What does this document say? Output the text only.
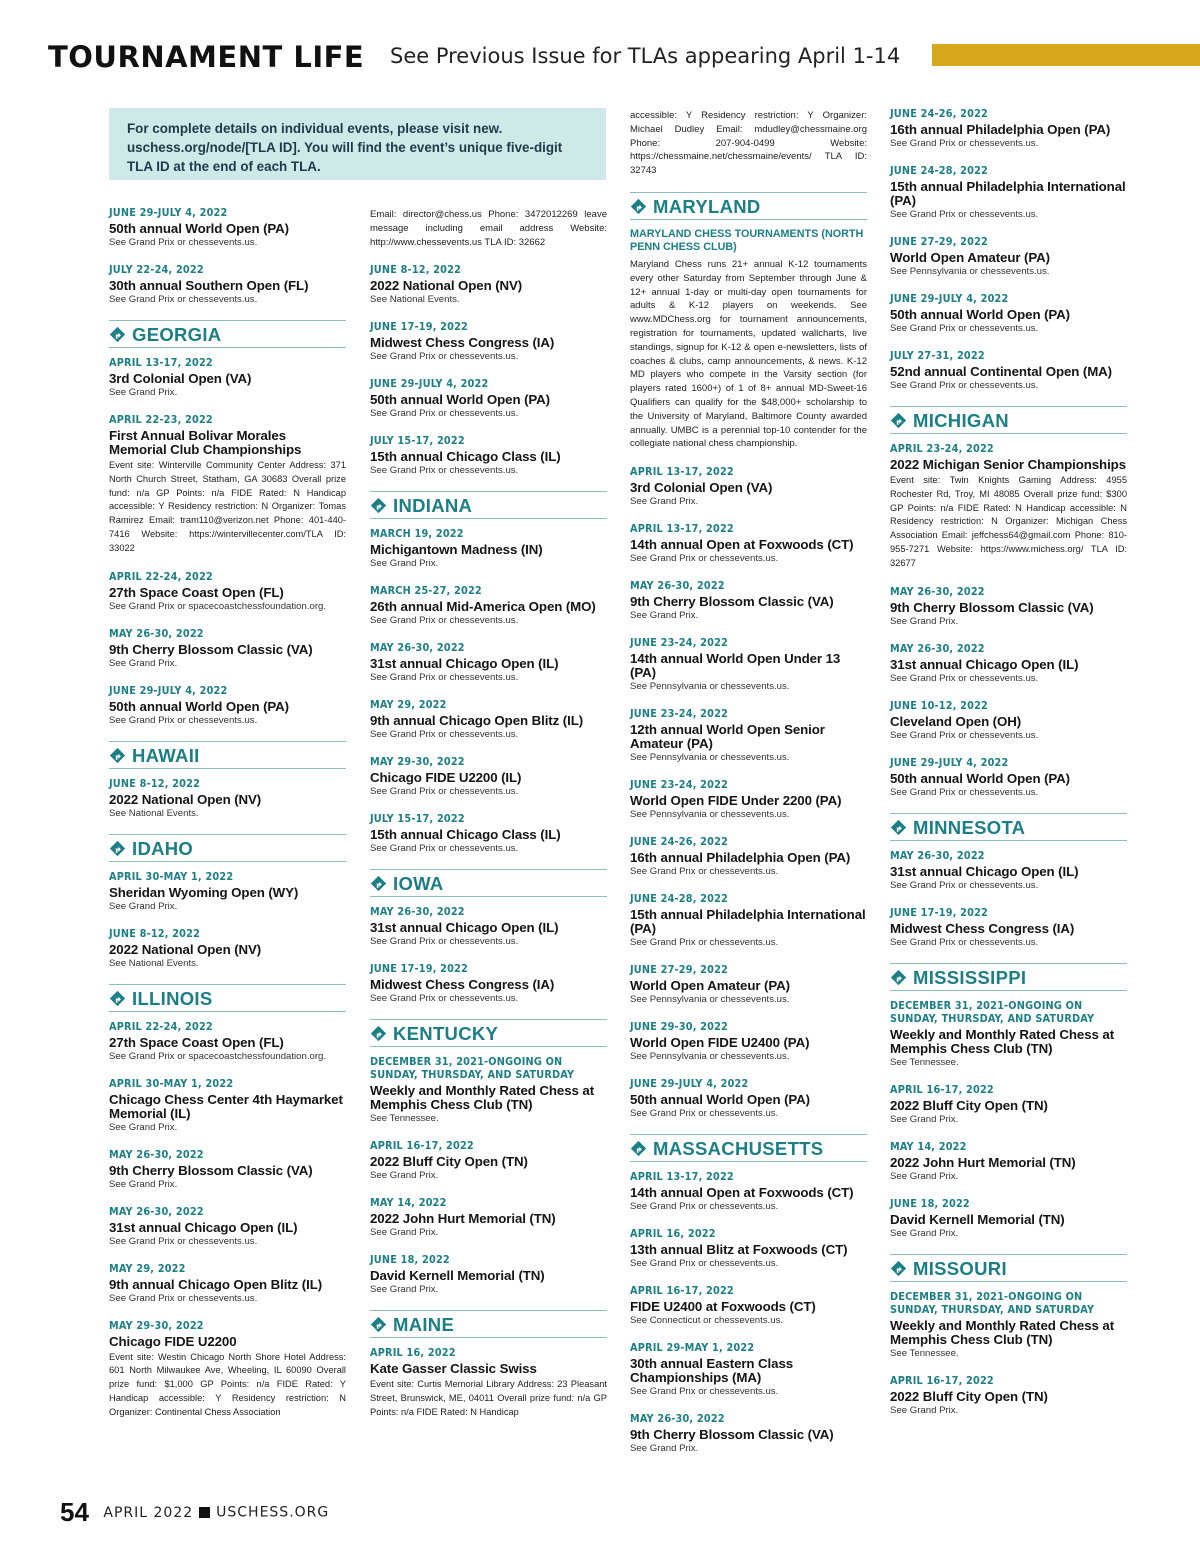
TOURNAMENT LIFE See Previous Issue for TLAs appearing April 1-14
For complete details on individual events, please visit new. uschess.org/node/[TLA ID]. You will find the event’s unique five-digit TLA ID at the end of each TLA.
JUNE 29-JULY 4, 2022
50th annual World Open (PA)
See Grand Prix or chessevents.us.
JULY 22-24, 2022
30th annual Southern Open (FL)
See Grand Prix or chessevents.us.
GEORGIA
APRIL 13-17, 2022
3rd Colonial Open (VA)
See Grand Prix.
APRIL 22-23, 2022
First Annual Bolivar Morales Memorial Club Championships
Event site: Winterville Community Center Address: 371 North Church Street, Statham, GA 30683 Overall prize fund: n/a GP Points: n/a FIDE Rated: N Handicap accessible: Y Residency restriction: N Organizer: Tomas Ramirez Email: tram110@verizon.net Phone: 401-440-7416 Website: https://wintervillecenter.com/TLA ID: 33022
APRIL 22-24, 2022
27th Space Coast Open (FL)
See Grand Prix or spacecoastchessfoundation.org.
MAY 26-30, 2022
9th Cherry Blossom Classic (VA)
See Grand Prix.
JUNE 29-JULY 4, 2022
50th annual World Open (PA)
See Grand Prix or chessevents.us.
HAWAII
JUNE 8-12, 2022
2022 National Open (NV)
See National Events.
IDAHO
APRIL 30-MAY 1, 2022
Sheridan Wyoming Open (WY)
See Grand Prix.
JUNE 8-12, 2022
2022 National Open (NV)
See National Events.
ILLINOIS
APRIL 22-24, 2022
27th Space Coast Open (FL)
See Grand Prix or spacecoastchessfoundation.org.
APRIL 30-MAY 1, 2022
Chicago Chess Center 4th Haymarket Memorial (IL)
See Grand Prix.
MAY 26-30, 2022
9th Cherry Blossom Classic (VA)
See Grand Prix.
MAY 26-30, 2022
31st annual Chicago Open (IL)
See Grand Prix or chessevents.us.
MAY 29, 2022
9th annual Chicago Open Blitz (IL)
See Grand Prix or chessevents.us.
MAY 29-30, 2022
Chicago FIDE U2200
Event site: Westin Chicago North Shore Hotel Address: 601 North Milwaukee Ave, Wheeling, IL 60090 Overall prize fund: $1,000 GP Points: n/a FIDE Rated: Y Handicap accessible: Y Residency restriction: N Organizer: Continental Chess Association
Email: director@chess.us Phone: 3472012269 leave message including email address Website: http://www.chessevents.us TLA ID: 32662
JUNE 8-12, 2022
2022 National Open (NV)
See National Events.
JUNE 17-19, 2022
Midwest Chess Congress (IA)
See Grand Prix or chessevents.us.
JUNE 29-JULY 4, 2022
50th annual World Open (PA)
See Grand Prix or chessevents.us.
JULY 15-17, 2022
15th annual Chicago Class (IL)
See Grand Prix or chessevents.us.
INDIANA
MARCH 19, 2022
Michigantown Madness (IN)
See Grand Prix.
MARCH 25-27, 2022
26th annual Mid-America Open (MO)
See Grand Prix or chessevents.us.
MAY 26-30, 2022
31st annual Chicago Open (IL)
See Grand Prix or chessevents.us.
MAY 29, 2022
9th annual Chicago Open Blitz (IL)
See Grand Prix or chessevents.us.
MAY 29-30, 2022
Chicago FIDE U2200 (IL)
See Grand Prix or chessevents.us.
JULY 15-17, 2022
15th annual Chicago Class (IL)
See Grand Prix or chessevents.us.
IOWA
MAY 26-30, 2022
31st annual Chicago Open (IL)
See Grand Prix or chessevents.us.
JUNE 17-19, 2022
Midwest Chess Congress (IA)
See Grand Prix or chessevents.us.
KENTUCKY
DECEMBER 31, 2021-ONGOING ON SUNDAY, THURSDAY, AND SATURDAY
Weekly and Monthly Rated Chess at Memphis Chess Club (TN)
See Tennessee.
APRIL 16-17, 2022
2022 Bluff City Open (TN)
See Grand Prix.
MAY 14, 2022
2022 John Hurt Memorial (TN)
See Grand Prix.
JUNE 18, 2022
David Kernell Memorial (TN)
See Grand Prix.
MAINE
APRIL 16, 2022
Kate Gasser Classic Swiss
Event site: Curtis Memorial Library Address: 23 Pleasant Street, Brunswick, ME, 04011 Overall prize fund: n/a GP Points: n/a FIDE Rated: N Handicap
accessible: Y Residency restriction: Y Organizer: Michael Dudley Email: mdudley@chessmaine.org Phone: 207-904-0499 Website: https://chessmaine.net/chessmaine/events/ TLA ID: 32743
MARYLAND
MARYLAND CHESS TOURNAMENTS (NORTH PENN CHESS CLUB)
Maryland Chess runs 21+ annual K-12 tournaments every other Saturday from September through June & 12+ annual 1-day or multi-day open tournaments for adults & K-12 players on weekends. See www.MDChess.org for tournament announcements, registration for tournaments, updated wallcharts, live standings, signup for K-12 & open e-newsletters, lists of coaches & clubs, camp announcements, & news. K-12 MD players who compete in the Varsity section (for players rated 1600+) of 1 of 8+ annual MD-Sweet-16 Qualifiers can qualify for the $48,000+ scholarship to the University of Maryland, Baltimore County awarded annually. UMBC is a perennial top-10 contender for the collegiate national chess championship.
APRIL 13-17, 2022
3rd Colonial Open (VA)
See Grand Prix.
APRIL 13-17, 2022
14th annual Open at Foxwoods (CT)
See Grand Prix or chessevents.us.
MAY 26-30, 2022
9th Cherry Blossom Classic (VA)
See Grand Prix.
JUNE 23-24, 2022
14th annual World Open Under 13 (PA)
See Pennsylvania or chessevents.us.
JUNE 23-24, 2022
12th annual World Open Senior Amateur (PA)
See Pennsylvania or chessevents.us.
JUNE 23-24, 2022
World Open FIDE Under 2200 (PA)
See Pennsylvania or chessevents.us.
JUNE 24-26, 2022
16th annual Philadelphia Open (PA)
See Grand Prix or chessevents.us.
JUNE 24-28, 2022
15th annual Philadelphia International (PA)
See Grand Prix or chessevents.us.
JUNE 27-29, 2022
World Open Amateur (PA)
See Pennsylvania or chessevents.us.
JUNE 29-30, 2022
World Open FIDE U2400 (PA)
See Pennsylvania or chessevents.us.
JUNE 29-JULY 4, 2022
50th annual World Open (PA)
See Grand Prix or chessevents.us.
MASSACHUSETTS
APRIL 13-17, 2022
14th annual Open at Foxwoods (CT)
See Grand Prix or chessevents.us.
APRIL 16, 2022
13th annual Blitz at Foxwoods (CT)
See Grand Prix or chessevents.us.
APRIL 16-17, 2022
FIDE U2400 at Foxwoods (CT)
See Connecticut or chessevents.us.
APRIL 29-MAY 1, 2022
30th annual Eastern Class Championships (MA)
See Grand Prix or chessevents.us.
MAY 26-30, 2022
9th Cherry Blossom Classic (VA)
See Grand Prix.
JUNE 24-26, 2022
16th annual Philadelphia Open (PA)
See Grand Prix or chessevents.us.
JUNE 24-28, 2022
15th annual Philadelphia International (PA)
See Grand Prix or chessevents.us.
JUNE 27-29, 2022
World Open Amateur (PA)
See Pennsylvania or chessevents.us.
JUNE 29-JULY 4, 2022
50th annual World Open (PA)
See Grand Prix or chessevents.us.
JULY 27-31, 2022
52nd annual Continental Open (MA)
See Grand Prix or chessevents.us.
MICHIGAN
APRIL 23-24, 2022
2022 Michigan Senior Championships
Event site: Twin Knights Gaming Address: 4955 Rochester Rd, Troy, MI 48085 Overall prize fund: $300 GP Points: n/a FIDE Rated: N Handicap accessible: N Residency restriction: N Organizer: Michigan Chess Association Email: jeffchess64@gmail.com Phone: 810-955-7271 Website: https://www.michess.org/ TLA ID: 32677
MAY 26-30, 2022
9th Cherry Blossom Classic (VA)
See Grand Prix.
MAY 26-30, 2022
31st annual Chicago Open (IL)
See Grand Prix or chessevents.us.
JUNE 10-12, 2022
Cleveland Open (OH)
See Grand Prix or chessevents.us.
JUNE 29-JULY 4, 2022
50th annual World Open (PA)
See Grand Prix or chessevents.us.
MINNESOTA
MAY 26-30, 2022
31st annual Chicago Open (IL)
See Grand Prix or chessevents.us.
JUNE 17-19, 2022
Midwest Chess Congress (IA)
See Grand Prix or chessevents.us.
MISSISSIPPI
DECEMBER 31, 2021-ONGOING ON SUNDAY, THURSDAY, AND SATURDAY
Weekly and Monthly Rated Chess at Memphis Chess Club (TN)
See Tennessee.
APRIL 16-17, 2022
2022 Bluff City Open (TN)
See Grand Prix.
MAY 14, 2022
2022 John Hurt Memorial (TN)
See Grand Prix.
JUNE 18, 2022
David Kernell Memorial (TN)
See Grand Prix.
MISSOURI
DECEMBER 31, 2021-ONGOING ON SUNDAY, THURSDAY, AND SATURDAY
Weekly and Monthly Rated Chess at Memphis Chess Club (TN)
See Tennessee.
APRIL 16-17, 2022
2022 Bluff City Open (TN)
See Grand Prix.
54 APRIL 2022 USCHESS.ORG
